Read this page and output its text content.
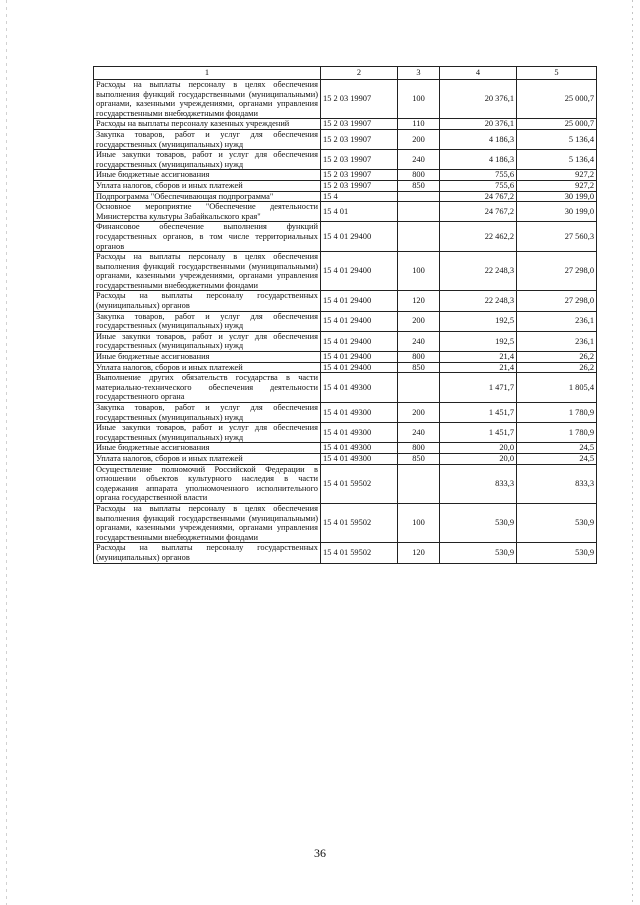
1	2	3	4	5
Расходы на выплаты персоналу в целях обеспечения выполнения функций государственными (муниципальными) органами, казенными учреждениями, органами управления государственными внебюджетными фондами	15 2 03 19907	100	20 376,1	25 000,7
Расходы на выплаты персоналу казенных учреждений	15 2 03 19907	110	20 376,1	25 000,7
Закупка товаров, работ и услуг для обеспечения государственных (муниципальных) нужд	15 2 03 19907	200	4 186,3	5 136,4
Иные закупки товаров, работ и услуг для обеспечения государственных (муниципальных) нужд	15 2 03 19907	240	4 186,3	5 136,4
Иные бюджетные ассигнования	15 2 03 19907	800	755,6	927,2
Уплата налогов, сборов и иных платежей	15 2 03 19907	850	755,6	927,2
Подпрограмма "Обеспечивающая подпрограмма"	15 4		24 767,2	30 199,0
Основное мероприятие "Обеспечение деятельности Министерства культуры Забайкальского края"	15 4 01		24 767,2	30 199,0
Финансовое обеспечение выполнения функций государственных органов, в том числе территориальных органов	15 4 01 29400		22 462,2	27 560,3
Расходы на выплаты персоналу в целях обеспечения выполнения функций государственными (муниципальными) органами, казенными учреждениями, органами управления государственными внебюджетными фондами	15 4 01 29400	100	22 248,3	27 298,0
Расходы на выплаты персоналу государственных (муниципальных) органов	15 4 01 29400	120	22 248,3	27 298,0
Закупка товаров, работ и услуг для обеспечения государственных (муниципальных) нужд	15 4 01 29400	200	192,5	236,1
Иные закупки товаров, работ и услуг для обеспечения государственных (муниципальных) нужд	15 4 01 29400	240	192,5	236,1
Иные бюджетные ассигнования	15 4 01 29400	800	21,4	26,2
Уплата налогов, сборов и иных платежей	15 4 01 29400	850	21,4	26,2
Выполнение других обязательств государства в части материально-технического обеспечения деятельности государственного органа	15 4 01 49300		1 471,7	1 805,4
Закупка товаров, работ и услуг для обеспечения государственных (муниципальных) нужд	15 4 01 49300	200	1 451,7	1 780,9
Иные закупки товаров, работ и услуг для обеспечения государственных (муниципальных) нужд	15 4 01 49300	240	1 451,7	1 780,9
Иные бюджетные ассигнования	15 4 01 49300	800	20,0	24,5
Уплата налогов, сборов и иных платежей	15 4 01 49300	850	20,0	24,5
Осуществление полномочий Российской Федерации в отношении объектов культурного наследия в части содержания аппарата уполномоченного исполнительного органа государственной власти	15 4 01 59502		833,3	833,3
Расходы на выплаты персоналу в целях обеспечения выполнения функций государственными (муниципальными) органами, казенными учреждениями, органами управления государственными внебюджетными фондами	15 4 01 59502	100	530,9	530,9
Расходы на выплаты персоналу государственных (муниципальных) органов	15 4 01 59502	120	530,9	530,9
36
